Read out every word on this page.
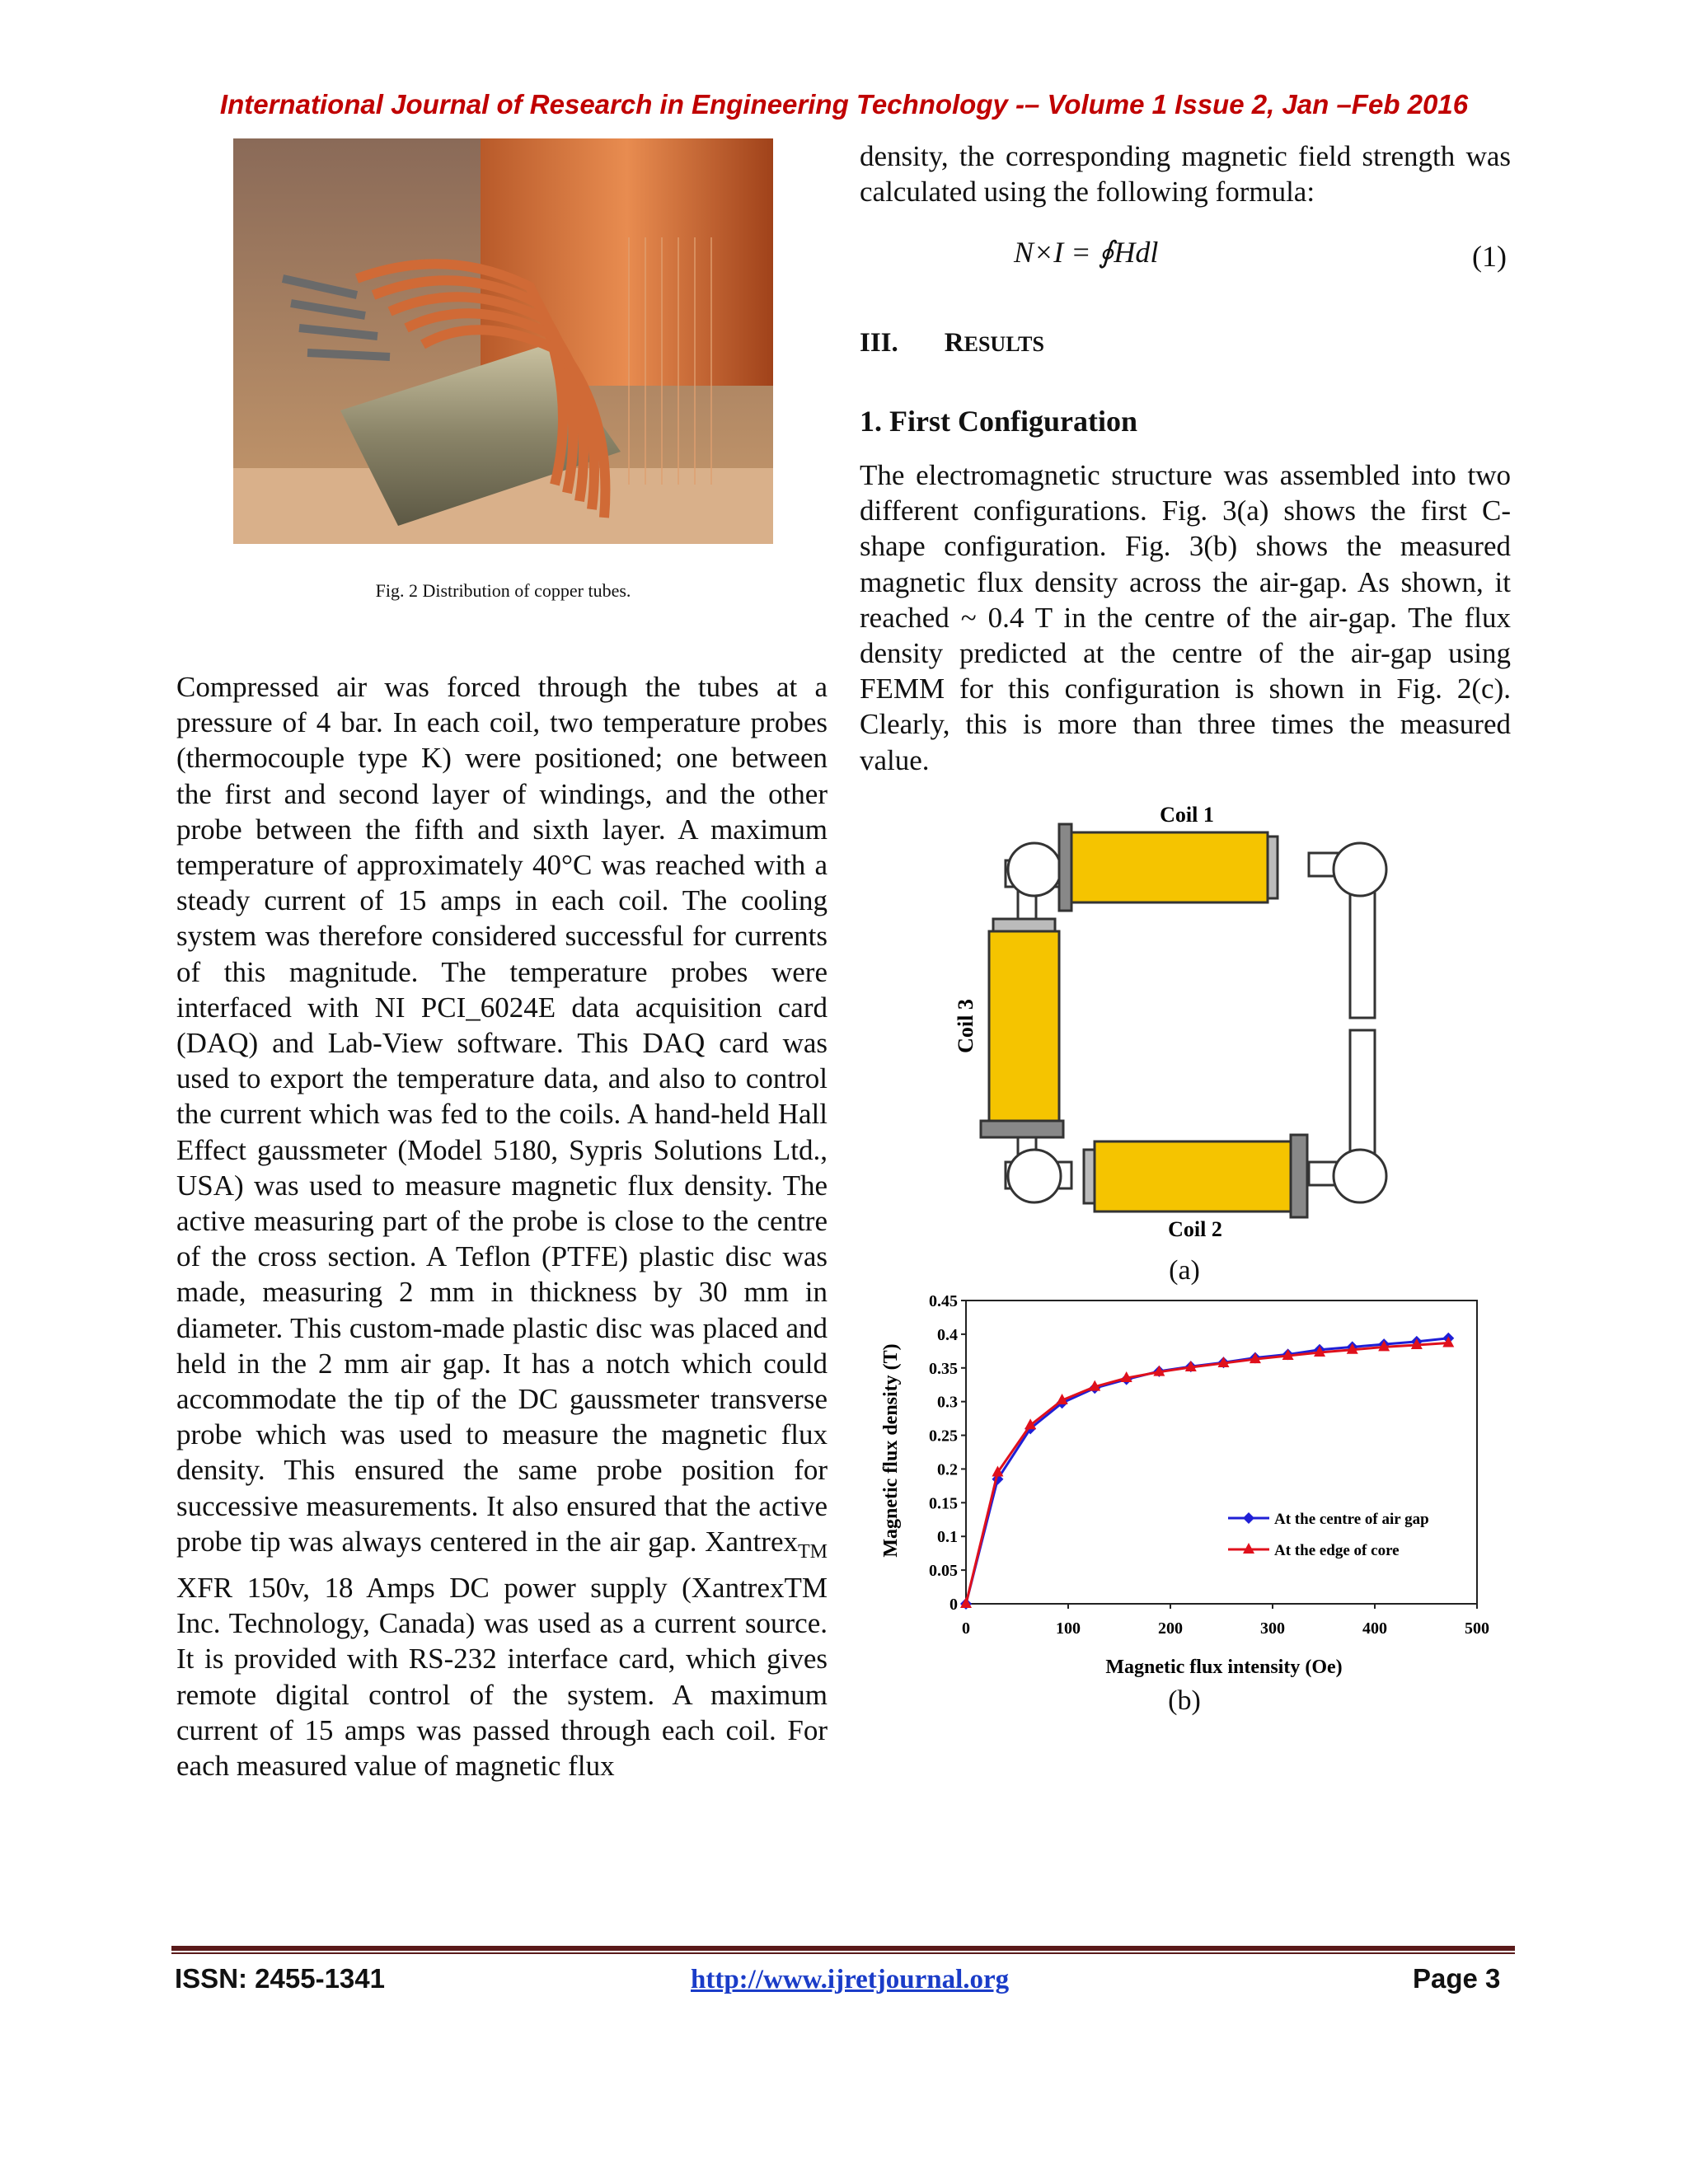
International Journal of Research in Engineering Technology -– Volume 1 Issue 2, Jan –Feb 2016
Fig. 2 Distribution of copper tubes.

Compressed air was forced through the tubes at a pressure of 4 bar. In each coil, two temperature probes (thermocouple type K) were positioned; one between the first and second layer of windings, and the other probe between the fifth and sixth layer. A maximum temperature of approximately 40°C was reached with a steady current of 15 amps in each coil. The cooling system was therefore considered successful for currents of this magnitude. The temperature probes were interfaced with NI PCI_6024E data acquisition card (DAQ) and Lab-View software. This DAQ card was used to export the temperature data, and also to control the current which was fed to the coils. A hand-held Hall Effect gaussmeter (Model 5180, Sypris Solutions Ltd., USA) was used to measure magnetic flux density. The active measuring part of the probe is close to the centre of the cross section. A Teflon (PTFE) plastic disc was made, measuring 2 mm in thickness by 30 mm in diameter. This custom-made plastic disc was placed and held in the 2 mm air gap. It has a notch which could accommodate the tip of the DC gaussmeter transverse probe which was used to measure the magnetic flux density. This ensured the same probe position for successive measurements. It also ensured that the active probe tip was always centered in the air gap. Xantrex$_{TM}$ XFR 150v, 18 Amps DC power supply (XantrexTM Inc. Technology, Canada) was used as a current source. It is provided with RS-232 interface card, which gives remote digital control of the system. A maximum current of 15 amps was passed through each coil. For each measured value of magnetic flux

density, the corresponding magnetic field strength was calculated using the following formula:
N×I = ∮Hdl	(1)
III. RESULTS
1. First Configuration
The electromagnetic structure was assembled into two different configurations. Fig. 3(a) shows the first C-shape configuration. Fig. 3(b) shows the measured magnetic flux density across the air-gap. As shown, it reached ~ 0.4 T in the centre of the air-gap. The flux density predicted at the centre of the air-gap using FEMM for this configuration is shown in Fig. 2(c). Clearly, this is more than three times the measured value.
Coil 1
Coil 2
Coil 3
(a)
0
0.05
0.1
0.15
0.2
0.25
0.3
0.35
0.4
0.45
0	100	200	300	400	500
At the centre of air gap
At the edge of core
Magnetic flux intensity (Oe)
Magnetic flux density (T)
(b)
ISSN: 2455-1341	http://www.ijretjournal.org	Page 3
